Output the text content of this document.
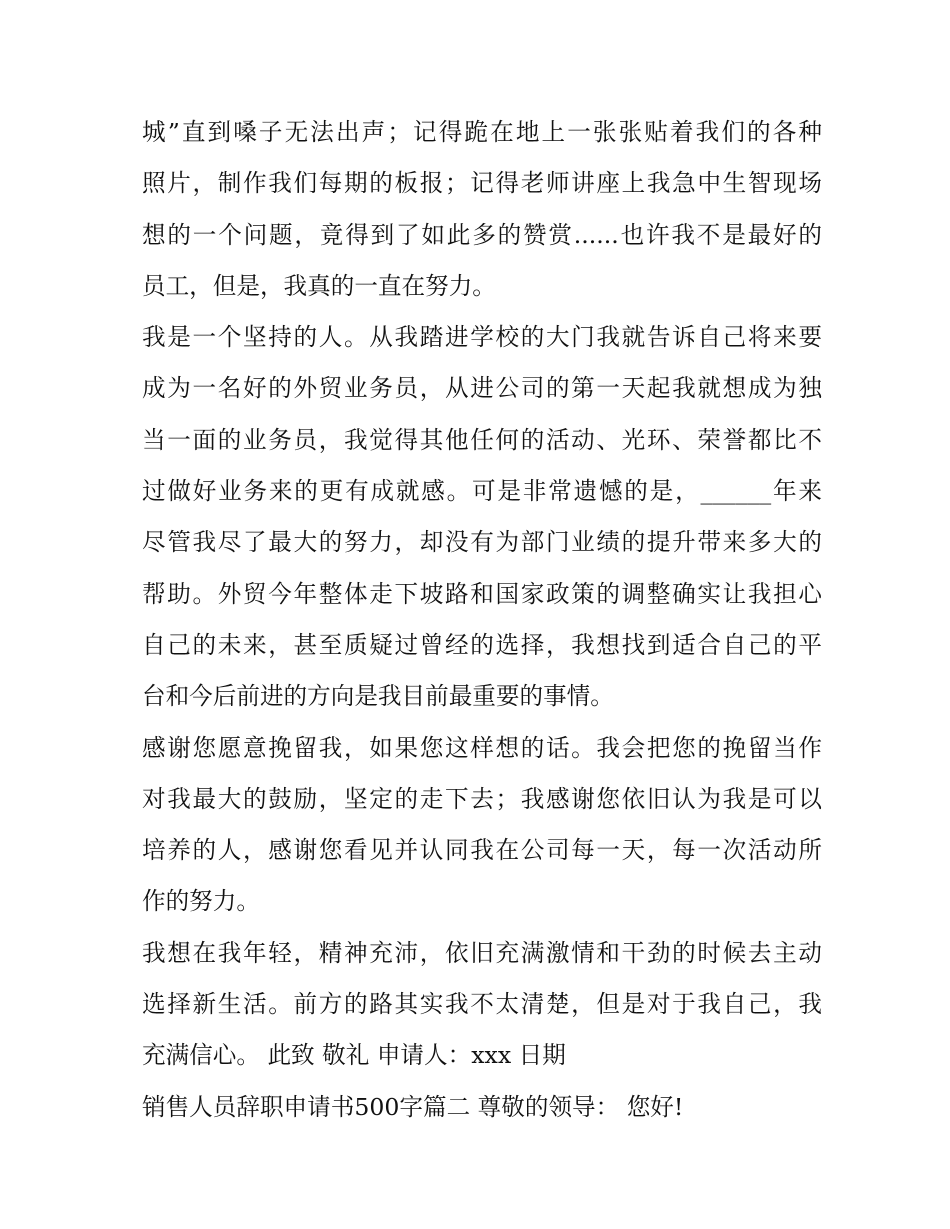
城”直到嗓子无法出声；记得跪在地上一张张贴着我们的各种
照片，制作我们每期的板报；记得老师讲座上我急中生智现场
想的一个问题，竟得到了如此多的赞赏......也许我不是最好的
员工，但是，我真的一直在努力。
我是一个坚持的人。从我踏进学校的大门我就告诉自己将来要
成为一名好的外贸业务员，从进公司的第一天起我就想成为独
当一面的业务员，我觉得其他任何的活动、光环、荣誉都比不
过做好业务来的更有成就感。可是非常遗憾的是，______年来
尽管我尽了最大的努力，却没有为部门业绩的提升带来多大的
帮助。外贸今年整体走下坡路和国家政策的调整确实让我担心
自己的未来，甚至质疑过曾经的选择，我想找到适合自己的平
台和今后前进的方向是我目前最重要的事情。
感谢您愿意挽留我，如果您这样想的话。我会把您的挽留当作
对我最大的鼓励，坚定的走下去；我感谢您依旧认为我是可以
培养的人，感谢您看见并认同我在公司每一天，每一次活动所
作的努力。
我想在我年轻，精神充沛，依旧充满激情和干劲的时候去主动
选择新生活。前方的路其实我不太清楚，但是对于我自己，我
充满信心。 此致 敬礼 申请人：xxx 日期
销售人员辞职申请书500字篇二 尊敬的领导： 您好!
